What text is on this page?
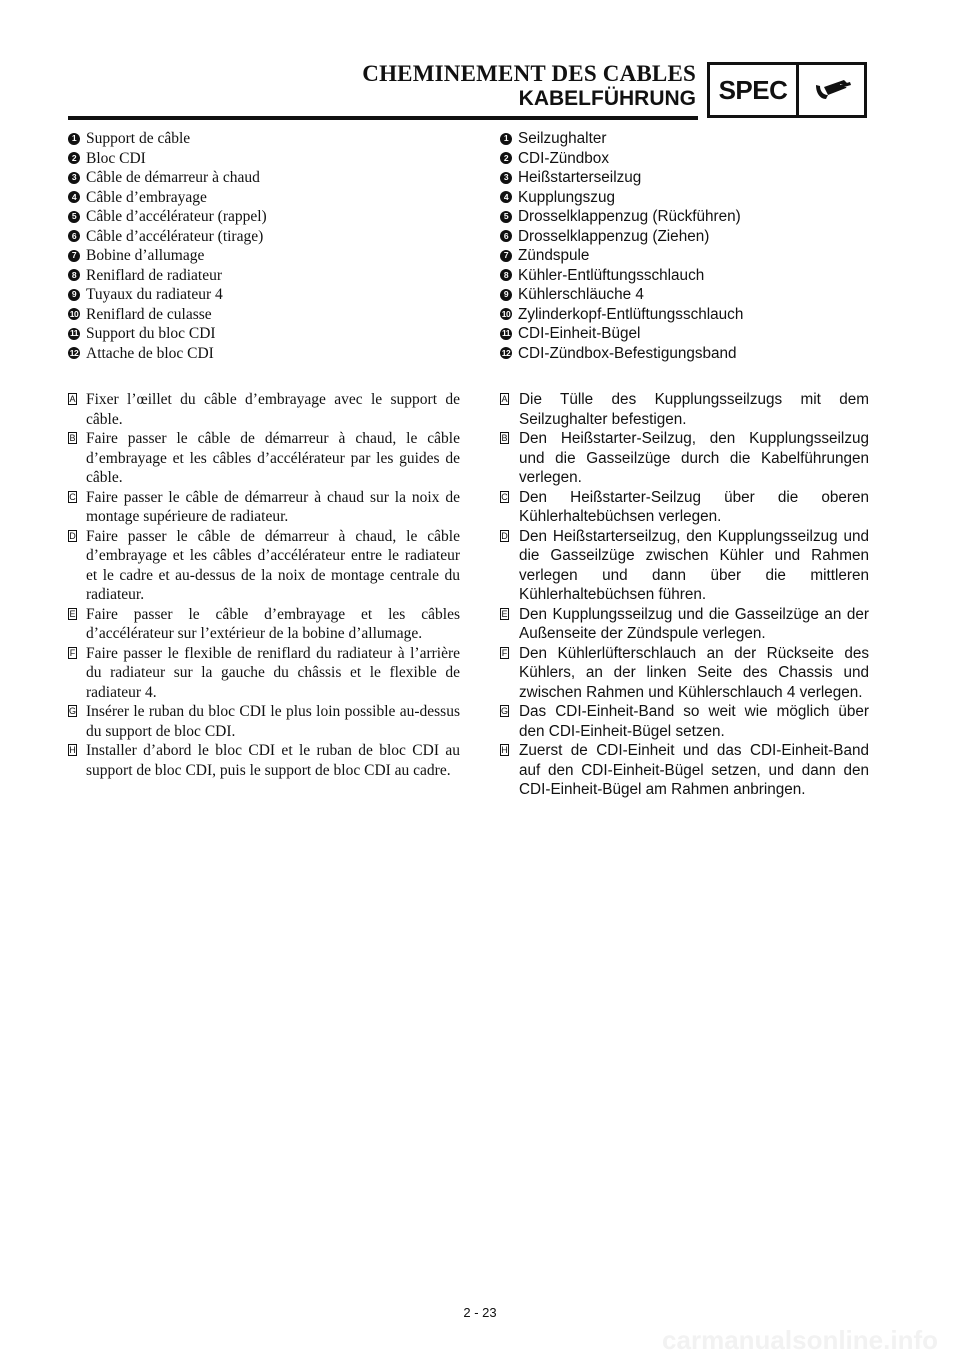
CHEMINEMENT DES CABLES
KABELFÜHRUNG SPEC
1 Support de câble
2 Bloc CDI
3 Câble de démarreur à chaud
4 Câble d’embrayage
5 Câble d’accélérateur (rappel)
6 Câble d’accélérateur (tirage)
7 Bobine d’allumage
8 Reniflard de radiateur
9 Tuyaux du radiateur 4
10 Reniflard de culasse
11 Support du bloc CDI
12 Attache de bloc CDI
A Fixer l’œillet du câble d’embrayage avec le support de câble.
B Faire passer le câble de démarreur à chaud, le câble d’embrayage et les câbles d’accélérateur par les guides de câble.
C Faire passer le câble de démarreur à chaud sur la noix de montage supérieure de radiateur.
D Faire passer le câble de démarreur à chaud, le câble d’embrayage et les câbles d’accélérateur entre le radiateur et le cadre et au-dessus de la noix de montage centrale du radiateur.
E Faire passer le câble d’embrayage et les câbles d’accélérateur sur l’extérieur de la bobine d’allumage.
F Faire passer le flexible de reniflard du radiateur à l’arrière du radiateur sur la gauche du châssis et le flexible de radiateur 4.
G Insérer le ruban du bloc CDI le plus loin possible au-dessus du support de bloc CDI.
H Installer d’abord le bloc CDI et le ruban de bloc CDI au support de bloc CDI, puis le support de bloc CDI au cadre.
1 Seilzughalter
2 CDI-Zündbox
3 Heißstarterseilzug
4 Kupplungszug
5 Drosselklappenzug (Rückführen)
6 Drosselklappenzug (Ziehen)
7 Zündspule
8 Kühler-Entlüftungsschlauch
9 Kühlerschläuche 4
10 Zylinderkopf-Entlüftungsschlauch
11 CDI-Einheit-Bügel
12 CDI-Zündbox-Befestigungsband
A Die Tülle des Kupplungsseilzugs mit dem Seilzughalter befestigen.
B Den Heißstarter-Seilzug, den Kupplungsseilzug und die Gasseilzüge durch die Kabelführungen verlegen.
C Den Heißstarter-Seilzug über die oberen Kühlerhaltebüchsen verlegen.
D Den Heißstarterseilzug, den Kupplungsseilzug und die Gasseilzüge zwischen Kühler und Rahmen verlegen und dann über die mittleren Kühlerhaltebüchsen führen.
E Den Kupplungsseilzug und die Gasseilzüge an der Außenseite der Zündspule verlegen.
F Den Kühlerlüfterschlauch an der Rückseite des Kühlers, an der linken Seite des Chassis und zwischen Rahmen und Kühlerschlauch 4 verlegen.
G Das CDI-Einheit-Band so weit wie möglich über den CDI-Einheit-Bügel setzen.
H Zuerst de CDI-Einheit und das CDI-Einheit-Band auf den CDI-Einheit-Bügel setzen, und dann den CDI-Einheit-Bügel am Rahmen anbringen.
2 - 23
carmanualsonline.info
